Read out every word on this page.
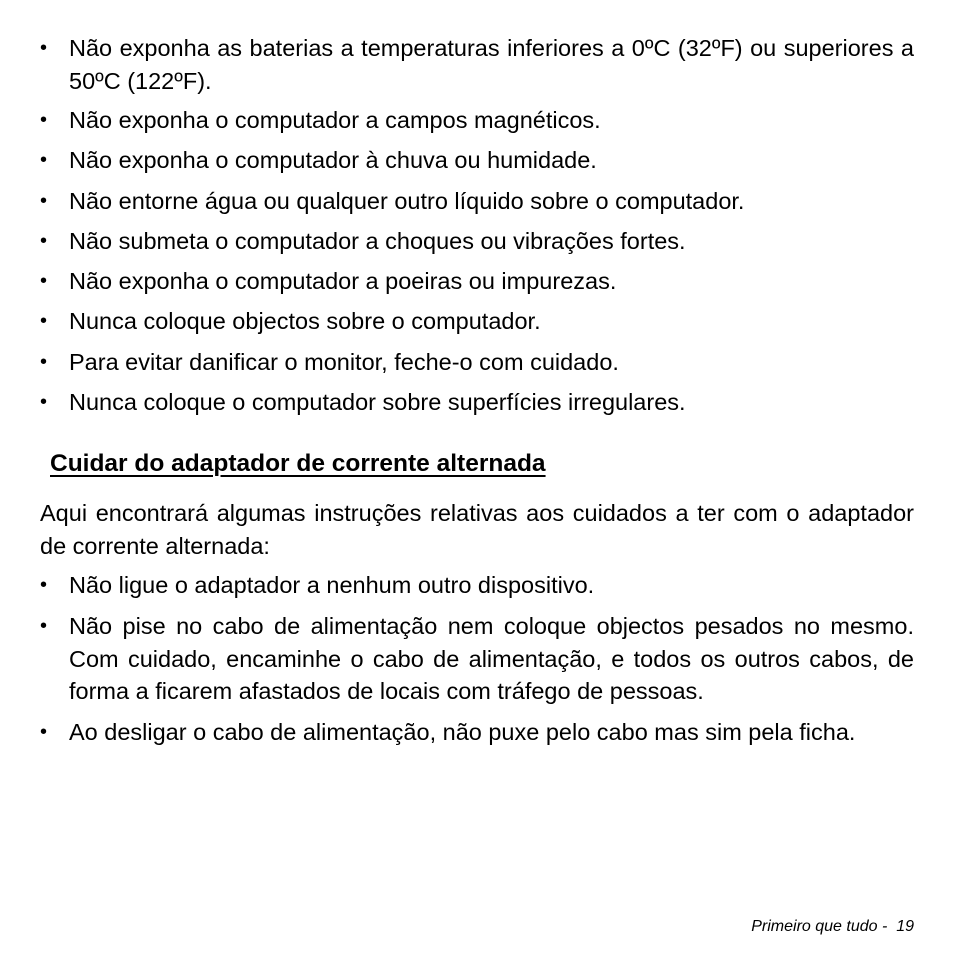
• Não exponha as baterias a temperaturas inferiores a 0ºC (32ºF) ou superiores a 50ºC (122ºF).
• Não exponha o computador a campos magnéticos.
• Não exponha o computador à chuva ou humidade.
• Não entorne água ou qualquer outro líquido sobre o computador.
• Não submeta o computador a choques ou vibrações fortes.
• Não exponha o computador a poeiras ou impurezas.
• Nunca coloque objectos sobre o computador.
• Para evitar danificar o monitor, feche-o com cuidado.
• Nunca coloque o computador sobre superfícies irregulares.
Cuidar do adaptador de corrente alternada

Aqui encontrará algumas instruções relativas aos cuidados a ter com o adaptador de corrente alternada:

• Não ligue o adaptador a nenhum outro dispositivo.
• Não pise no cabo de alimentação nem coloque objectos pesados no mesmo. Com cuidado, encaminhe o cabo de alimentação, e todos os outros cabos, de forma a ficarem afastados de locais com tráfego de pessoas.
• Ao desligar o cabo de alimentação, não puxe pelo cabo mas sim pela ficha.
Primeiro que tudo - 19
